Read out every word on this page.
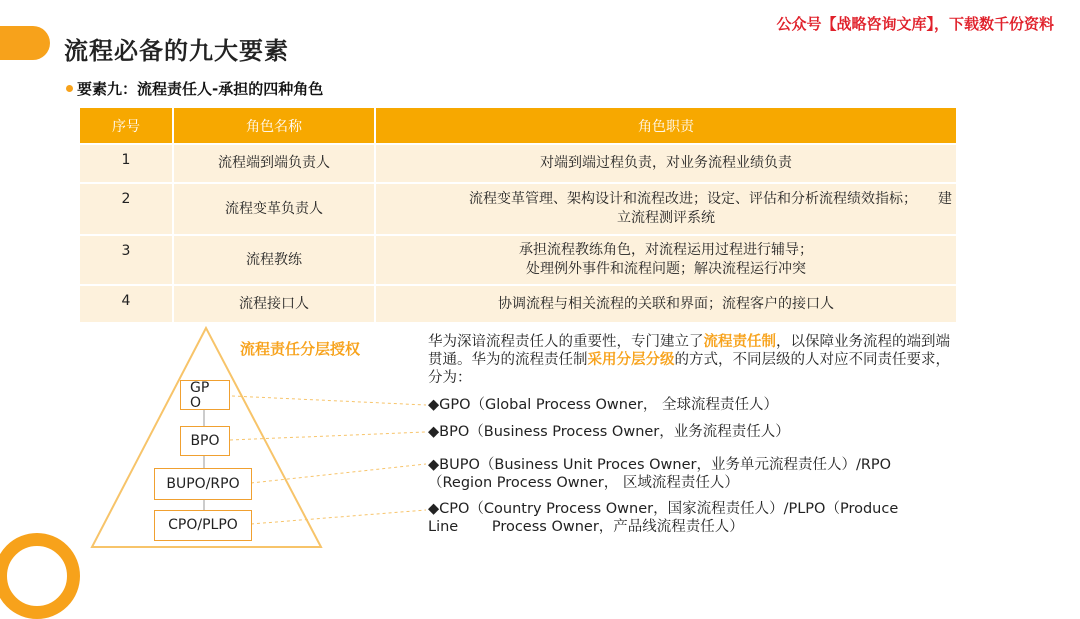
流程必备的九大要素
公众号【战略咨询文库】，下载数千份资料
要素九：流程责任人-承担的四种角色
序号	角色名称	角色职责
1	流程端到端负责人	对端到端过程负责，对业务流程业绩负责
2	流程变革负责人	流程变革管理、架构设计和流程改进；设定、评估和分析流程绩效指标；　　建
立流程测评系统

3	流程教练	承担流程教练角色，对流程运用过程进行辅导；
处理例外事件和流程问题；解决流程运行冲突

4	流程接口人	协调流程与相关流程的关联和界面；流程客户的接口人
流程责任分层授权
GP
O
BPO
BUPO/RPO
CPO/PLPO
华为深谙流程责任人的重要性，专门建立了流程责任制，以保障业务流程的端到端贯通。华为的流程责任制采用分层分级的方式，不同层级的人对应不同责任要求，分为：
◆GPO（Global Process Owner， 全球流程责任人）
◆BPO（Business Process Owner，业务流程责任人）
◆BUPO（Business Unit Proces Owner，业务单元流程责任人）/RPO（Region Process Owner， 区域流程责任人）
◆CPO（Country Process Owner，国家流程责任人）/PLPO（Produce Line　　 Process Owner，产品线流程责任人）
